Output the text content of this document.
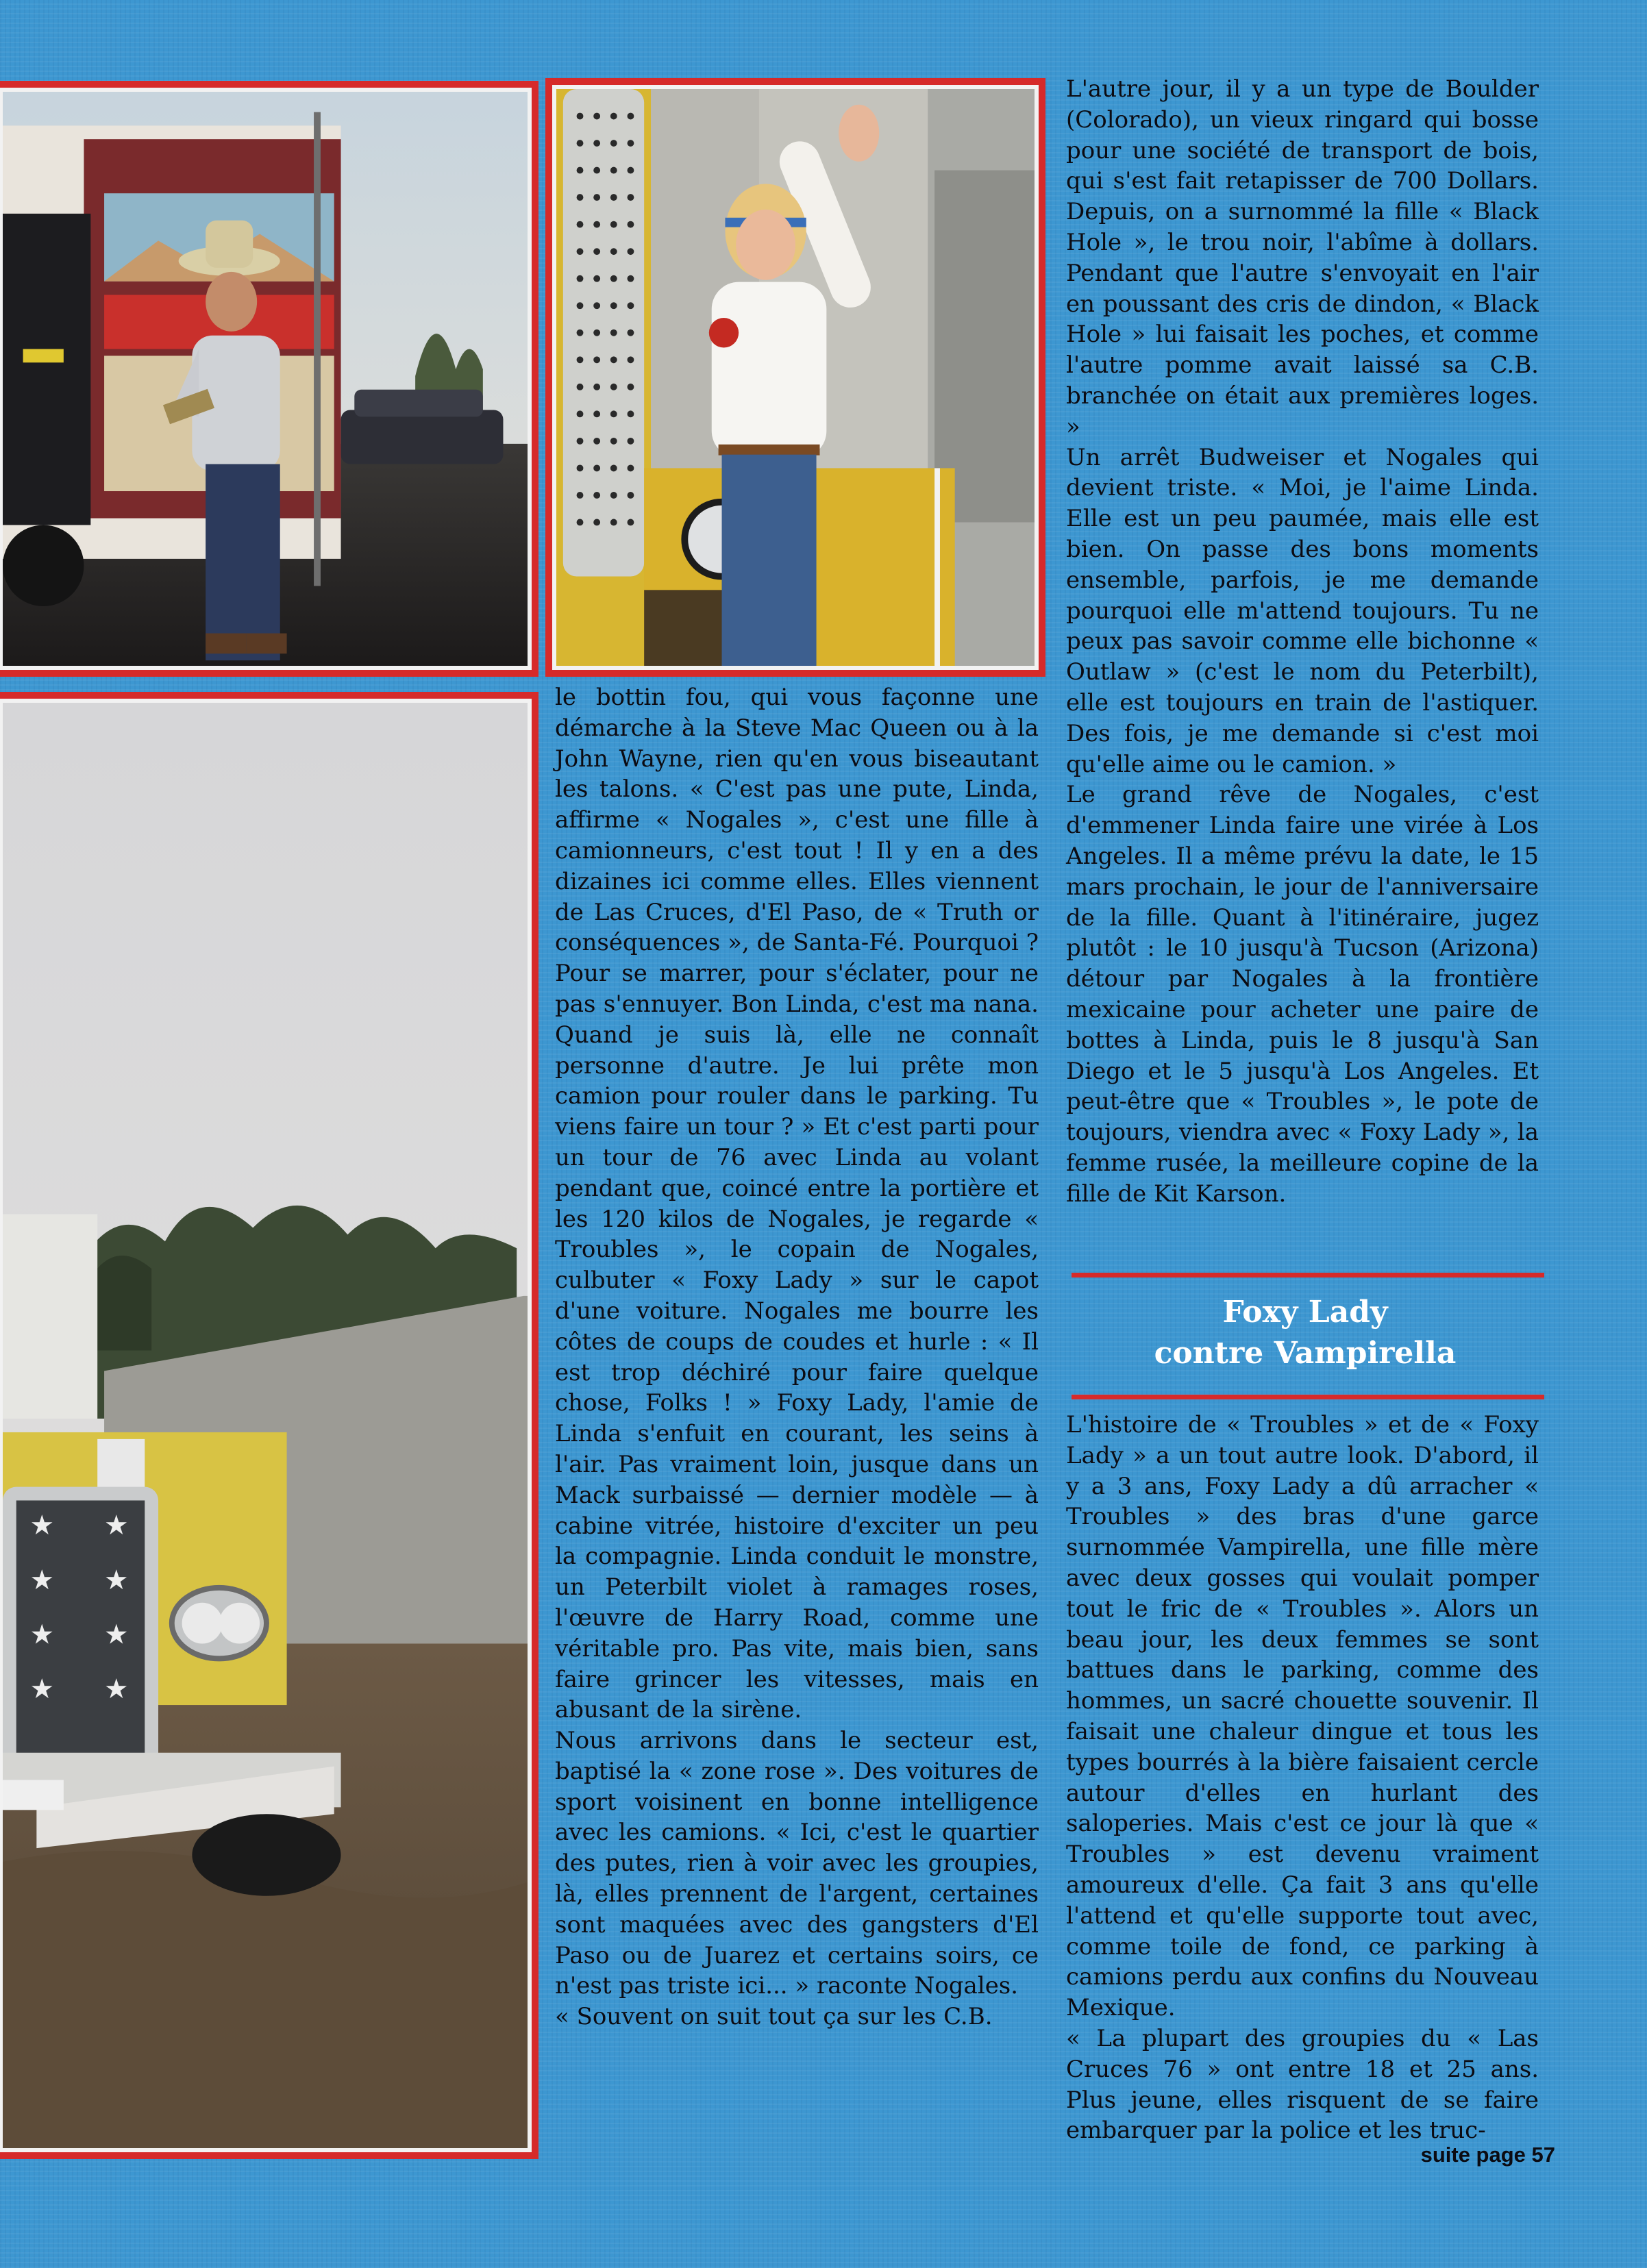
★ ★
★ ★
★ ★
★ ★

le bottin fou, qui vous façonne une démarche à la Steve Mac Queen ou à la John Wayne, rien qu'en vous biseautant les talons. « C'est pas une pute, Linda, affirme « Nogales », c'est une fille à camionneurs, c'est tout ! Il y en a des dizaines ici comme elles. Elles viennent de Las Cruces, d'El Paso, de « Truth or conséquences », de Santa-Fé. Pourquoi ? Pour se marrer, pour s'éclater, pour ne pas s'ennuyer. Bon Linda, c'est ma nana. Quand je suis là, elle ne connaît personne d'autre. Je lui prête mon camion pour rouler dans le parking. Tu viens faire un tour ? » Et c'est parti pour un tour de 76 avec Linda au volant pendant que, coincé entre la portière et les 120 kilos de Nogales, je regarde « Troubles », le copain de Nogales, culbuter « Foxy Lady » sur le capot d'une voiture. Nogales me bourre les côtes de coups de coudes et hurle : « Il est trop déchiré pour faire quelque chose, Folks ! » Foxy Lady, l'amie de Linda s'enfuit en courant, les seins à l'air. Pas vraiment loin, jusque dans un Mack surbaissé — dernier modèle — à cabine vitrée, histoire d'exciter un peu la compagnie. Linda conduit le monstre, un Peterbilt violet à ramages roses, l'œuvre de Harry Road, comme une véritable pro. Pas vite, mais bien, sans faire grincer les vitesses, mais en abusant de la sirène.

Nous arrivons dans le secteur est, baptisé la « zone rose ». Des voitures de sport voisinent en bonne intelligence avec les camions. « Ici, c'est le quartier des putes, rien à voir avec les groupies, là, elles prennent de l'argent, certaines sont maquées avec des gangsters d'El Paso ou de Juarez et certains soirs, ce n'est pas triste ici... » raconte Nogales.

« Souvent on suit tout ça sur les C.B.

L'autre jour, il y a un type de Boulder (Colorado), un vieux ringard qui bosse pour une société de transport de bois, qui s'est fait retapisser de 700 Dollars. Depuis, on a surnommé la fille « Black Hole », le trou noir, l'abîme à dollars. Pendant que l'autre s'envoyait en l'air en poussant des cris de dindon, « Black Hole » lui faisait les poches, et comme l'autre pomme avait laissé sa C.B. branchée on était aux premières loges. »

Un arrêt Budweiser et Nogales qui devient triste. « Moi, je l'aime Linda. Elle est un peu paumée, mais elle est bien. On passe des bons moments ensemble, parfois, je me demande pourquoi elle m'attend toujours. Tu ne peux pas savoir comme elle bichonne « Outlaw » (c'est le nom du Peterbilt), elle est toujours en train de l'astiquer. Des fois, je me demande si c'est moi qu'elle aime ou le camion. »

Le grand rêve de Nogales, c'est d'emmener Linda faire une virée à Los Angeles. Il a même prévu la date, le 15 mars prochain, le jour de l'anniversaire de la fille. Quant à l'itinéraire, jugez plutôt : le 10 jusqu'à Tucson (Arizona) détour par Nogales à la frontière mexicaine pour acheter une paire de bottes à Linda, puis le 8 jusqu'à San Diego et le 5 jusqu'à Los Angeles. Et peut-être que « Troubles », le pote de toujours, viendra avec « Foxy Lady », la femme rusée, la meilleure copine de la fille de Kit Karson.

Foxy Lady
contre Vampirella

L'histoire de « Troubles » et de « Foxy Lady » a un tout autre look. D'abord, il y a 3 ans, Foxy Lady a dû arracher « Troubles » des bras d'une garce surnommée Vampirella, une fille mère avec deux gosses qui voulait pomper tout le fric de « Troubles ». Alors un beau jour, les deux femmes se sont battues dans le parking, comme des hommes, un sacré chouette souvenir. Il faisait une chaleur dingue et tous les types bourrés à la bière faisaient cercle autour d'elles en hurlant des saloperies. Mais c'est ce jour là que « Troubles » est devenu vraiment amoureux d'elle. Ça fait 3 ans qu'elle l'attend et qu'elle supporte tout avec, comme toile de fond, ce parking à camions perdu aux confins du Nouveau Mexique.

« La plupart des groupies du « Las Cruces 76 » ont entre 18 et 25 ans. Plus jeune, elles risquent de se faire embarquer par la police et les truc-

suite page 57
